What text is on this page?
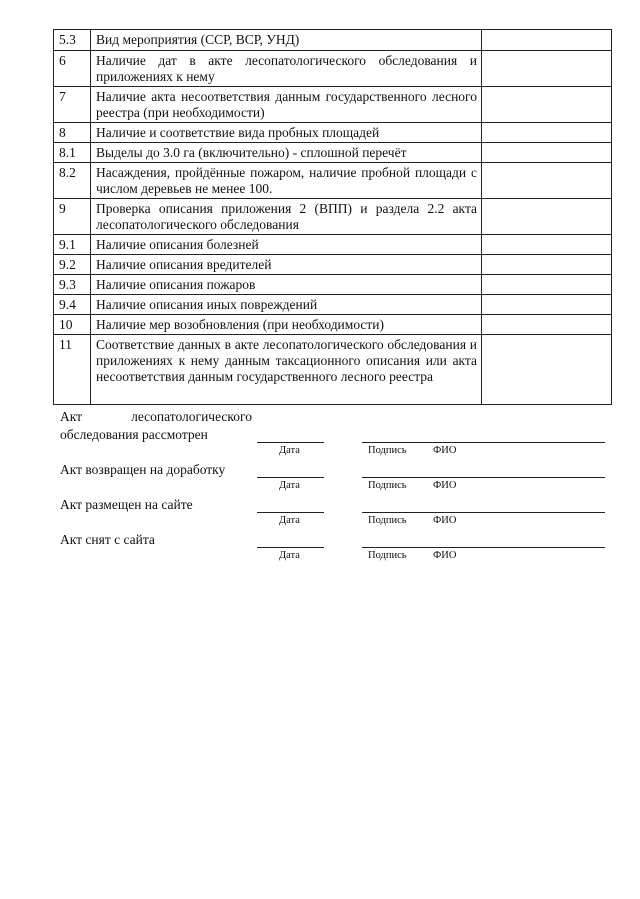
5.3	Вид мероприятия (ССР, ВСР, УНД)	
6	Наличие дат в акте лесопатологического обследования и приложениях к нему	
7	Наличие акта несоответствия данным государственного лесного реестра (при необходимости)	
8	Наличие и соответствие вида пробных площадей	
8.1	Выделы до 3.0 га (включительно) - сплошной перечёт	
8.2	Насаждения, пройдённые пожаром, наличие пробной площади с числом деревьев не менее 100.	
9	Проверка описания приложения 2 (ВПП) и раздела 2.2 акта лесопатологического обследования	
9.1	Наличие описания болезней	
9.2	Наличие описания вредителей	
9.3	Наличие описания пожаров	
9.4	Наличие описания иных повреждений	
10	Наличие мер возобновления (при необходимости)	
11	Соответствие данных в акте лесопатологического обследования и приложениях к нему данным таксационного описания или акта несоответствия данным государственного лесного реестра	
Акт лесопатологического обследования рассмотрен
Дата	Подпись	ФИО
Акт возвращен на доработку
Дата	Подпись	ФИО
Акт размещен на сайте
Дата	Подпись	ФИО
Акт снят с сайта
Дата	Подпись	ФИО
